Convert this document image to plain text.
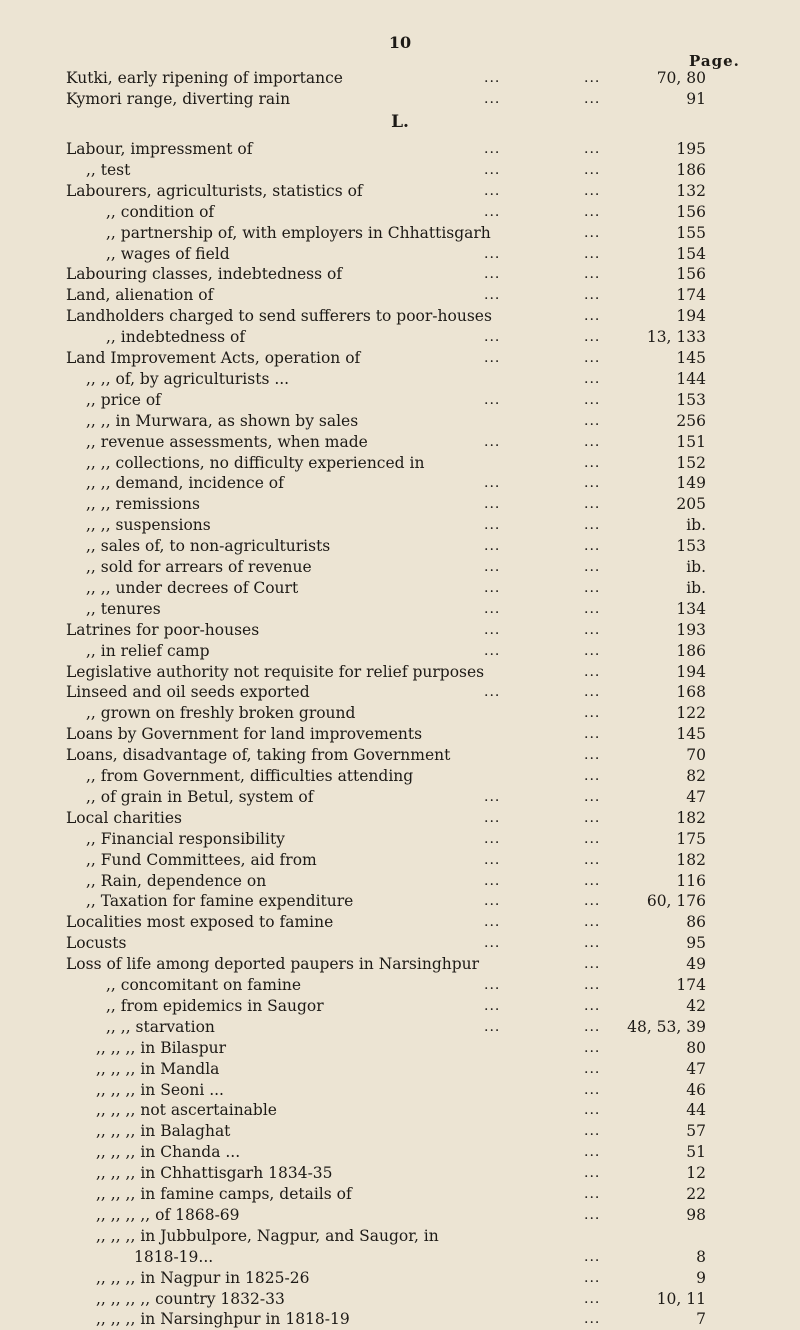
10
Page.
L.
Kutki, early ripening of importance	...	...	70, 80
Kymori range, diverting rain	...	...	91
Labour, impressment of	...	...	195
,, test	...	...	186
Labourers, agriculturists, statistics of	...	...	132
,, condition of	...	...	156
,, partnership of, with employers in Chhattisgarh	...	155
,, wages of field	...	...	154
Labouring classes, indebtedness of	...	...	156
Land, alienation of	...	...	174
Landholders charged to send sufferers to poor-houses	...	194
,, indebtedness of	...	...	13, 133
Land Improvement Acts, operation of	...	...	145
,, ,, of, by agriculturists ...	...	144
,, price of	...	...	153
,, ,, in Murwara, as shown by sales	...	256
,, revenue assessments, when made	...	...	151
,, ,, collections, no difficulty experienced in	...	152
,, ,, demand, incidence of	...	...	149
,, ,, remissions	...	...	205
,, ,, suspensions	...	...	ib.
,, sales of, to non-agriculturists	...	...	153
,, sold for arrears of revenue	...	...	ib.
,, ,, under decrees of Court	...	...	ib.
,, tenures	...	...	134
Latrines for poor-houses	...	...	193
,, in relief camp	...	...	186
Legislative authority not requisite for relief purposes	...	194
Linseed and oil seeds exported	...	...	168
,, grown on freshly broken ground	...	122
Loans by Government for land improvements	...	145
Loans, disadvantage of, taking from Government	...	70
,, from Government, difficulties attending	...	82
,, of grain in Betul, system of	...	...	47
Local charities	...	...	182
,, Financial responsibility	...	...	175
,, Fund Committees, aid from	...	...	182
,, Rain, dependence on	...	...	116
,, Taxation for famine expenditure	...	...	60, 176
Localities most exposed to famine	...	...	86
Locusts	...	...	95
Loss of life among deported paupers in Narsinghpur	...	49
,, concomitant on famine	...	...	174
,, from epidemics in Saugor	...	...	42
,, ,, starvation	...	... 48, 53, 39
,, ,, ,, in Bilaspur	...	80
,, ,, ,, in Mandla	...	47
,, ,, ,, in Seoni ...	...	46
,, ,, ,, not ascertainable	...	44
,, ,, ,, in Balaghat	...	57
,, ,, ,, in Chanda ...	...	51
,, ,, ,, in Chhattisgarh 1834-35	...	12
,, ,, ,, in famine camps, details of	...	22
,, ,, ,, ,, of 1868-69	...	98
,, ,, ,, in Jubbulpore, Nagpur, and Saugor, in
1818-19...	...	8
,, ,, ,, in Nagpur in 1825-26	...	9
,, ,, ,, ,, country 1832-33	...	10, 11
,, ,, ,, in Narsinghpur in 1818-19	...	7
